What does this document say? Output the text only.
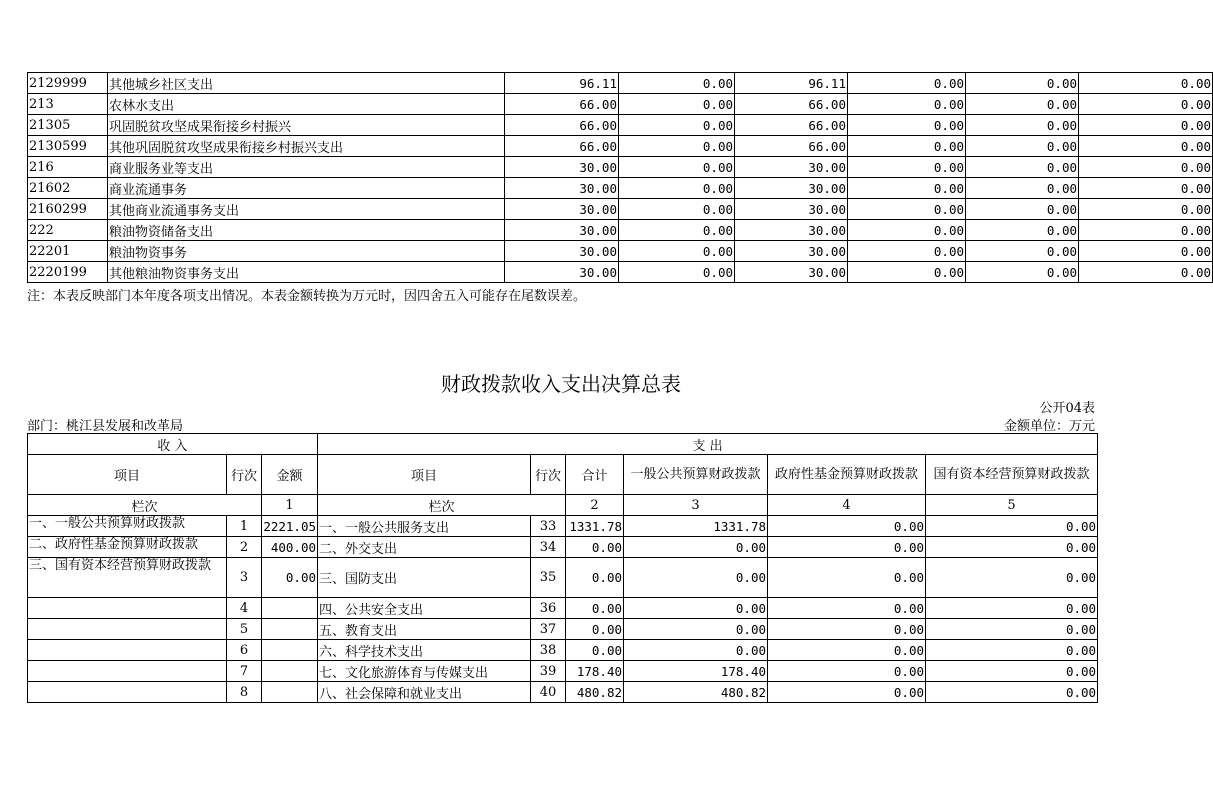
2129999	其他城乡社区支出	96.11	0.00	96.11	0.00	0.00	0.00
213	农林水支出	66.00	0.00	66.00	0.00	0.00	0.00
21305	巩固脱贫攻坚成果衔接乡村振兴	66.00	0.00	66.00	0.00	0.00	0.00
2130599	其他巩固脱贫攻坚成果衔接乡村振兴支出	66.00	0.00	66.00	0.00	0.00	0.00
216	商业服务业等支出	30.00	0.00	30.00	0.00	0.00	0.00
21602	商业流通事务	30.00	0.00	30.00	0.00	0.00	0.00
2160299	其他商业流通事务支出	30.00	0.00	30.00	0.00	0.00	0.00
222	粮油物资储备支出	30.00	0.00	30.00	0.00	0.00	0.00
22201	粮油物资事务	30.00	0.00	30.00	0.00	0.00	0.00
2220199	其他粮油物资事务支出	30.00	0.00	30.00	0.00	0.00	0.00
注：本表反映部门本年度各项支出情况。本表金额转换为万元时，因四舍五入可能存在尾数误差。
财政拨款收入支出决算总表
公开04表
部门：桃江县发展和改革局	金额单位：万元
收 入			支 出					
项目	行次	金额	项目	行次	合计	一般公共预算财政拨款	政府性基金预算财政拨款	国有资本经营预算财政拨款
栏次		1	栏次		2	3	4	5
一、一般公共预算财政拨款	1	2221.05	一、一般公共服务支出	33	1331.78	1331.78	0.00	0.00
二、政府性基金预算财政拨款	2	400.00	二、外交支出	34	0.00	0.00	0.00	0.00
三、国有资本经营预算财政拨款	3	0.00	三、国防支出	35	0.00	0.00	0.00	0.00
	4		四、公共安全支出	36	0.00	0.00	0.00	0.00
	5		五、教育支出	37	0.00	0.00	0.00	0.00
	6		六、科学技术支出	38	0.00	0.00	0.00	0.00
	7		七、文化旅游体育与传媒支出	39	178.40	178.40	0.00	0.00
	8		八、社会保障和就业支出	40	480.82	480.82	0.00	0.00
